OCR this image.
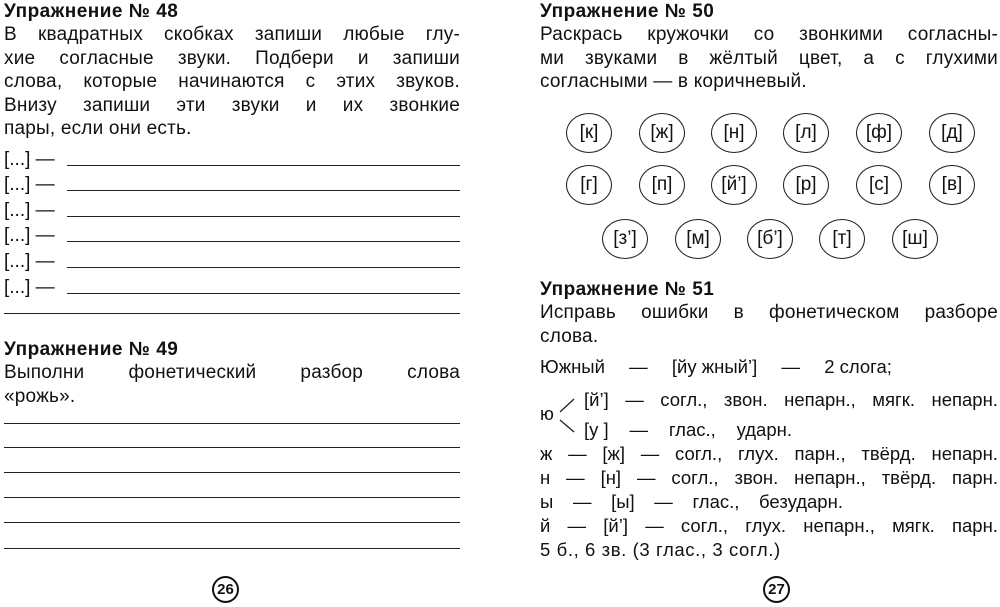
Упражнение № 48
В квадратных скобках запиши любые глу-
хие согласные звуки. Подбери и запиши
слова, которые начинаются с этих звуков.
Внизу запиши эти звуки и их звонкие
пары, если они есть.
[...] —
[...] —
[...] —
[...] —
[...] —
[...] —
Упражнение № 49
Выполни фонетический разбор слова
«рожь».
26
Упражнение № 50
Раскрась кружочки со звонкими согласны-
ми звуками в жёлтый цвет, а с глухими
согласными — в коричневый.
[к]	[ж]	[н]	[л]	[ф]	[д]
[г]	[п]	[й’]	[р]	[с]	[в]
[з’]	[м]	[б’]	[т]	[ш]
Упражнение № 51
Исправь ошибки в фонетическом разборе
слова.
Южный — [йу жный’] — 2 слога;
ю
[й’] — согл., звон. непарн., мягк. непарн.
[у ] — глас., ударн.
ж — [ж] — согл., глух. парн., твёрд. непарн.
н — [н] — согл., звон. непарн., твёрд. парн.
ы — [ы] — глас., безударн.
й — [й’] — согл., глух. непарн., мягк. парн.
5 б., 6 зв. (3 глас., 3 согл.)
27
